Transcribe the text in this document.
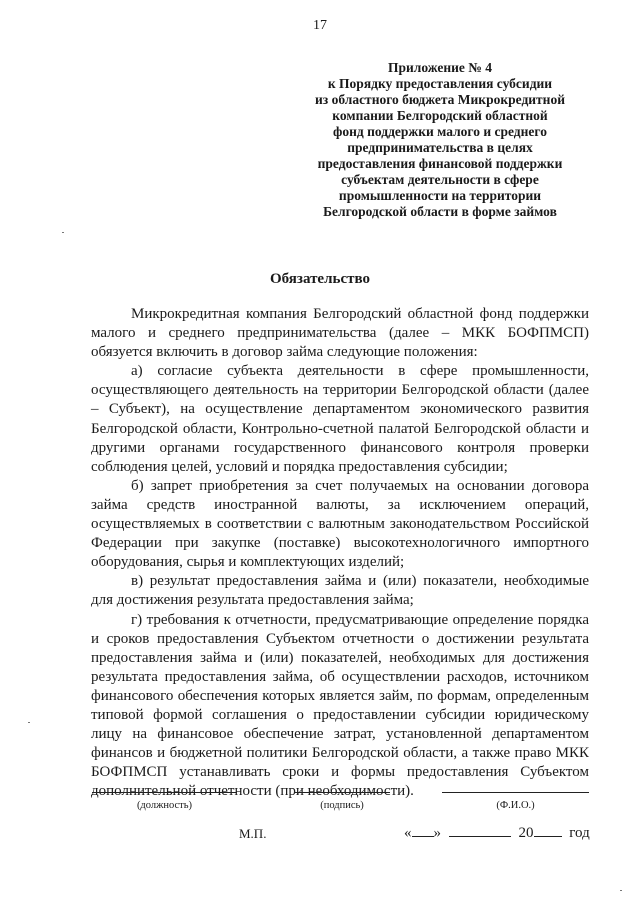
17
Приложение № 4
к Порядку предоставления субсидии
из областного бюджета Микрокредитной
компании Белгородский областной
фонд поддержки малого и среднего
предпринимательства в целях
предоставления финансовой поддержки
субъектам деятельности в сфере
промышленности на территории
Белгородской области в форме займов
Обязательство

Микрокредитная компания Белгородский областной фонд поддержки малого и среднего предпринимательства (далее – МКК БОФПМСП) обязуется включить в договор займа следующие положения:

а) согласие субъекта деятельности в сфере промышленности, осуществляющего деятельность на территории Белгородской области (далее – Субъект), на осуществление департаментом экономического развития Белгородской области, Контрольно-счетной палатой Белгородской области и другими органами государственного финансового контроля проверки соблюдения целей, условий и порядка предоставления субсидии;

б) запрет приобретения за счет получаемых на основании договора займа средств иностранной валюты, за исключением операций, осуществляемых в соответствии с валютным законодательством Российской Федерации при закупке (поставке) высокотехнологичного импортного оборудования, сырья и комплектующих изделий;

в) результат предоставления займа и (или) показатели, необходимые для достижения результата предоставления займа;

г) требования к отчетности, предусматривающие определение порядка и сроков предоставления Субъектом отчетности о достижении результата предоставления займа и (или) показателей, необходимых для достижения результата предоставления займа, об осуществлении расходов, источником финансового обеспечения которых является займ, по формам, определенным типовой формой соглашения о предоставлении субсидии юридическому лицу на финансовое обеспечение затрат, установленной департаментом финансов и бюджетной политики Белгородской области, а также право МКК БОФПМСП устанавливать сроки и формы предоставления Субъектом дополнительной отчетности (при необходимости).

(должность)	(подпись)	(Ф.И.О.)
М.П.	« »	20 год
